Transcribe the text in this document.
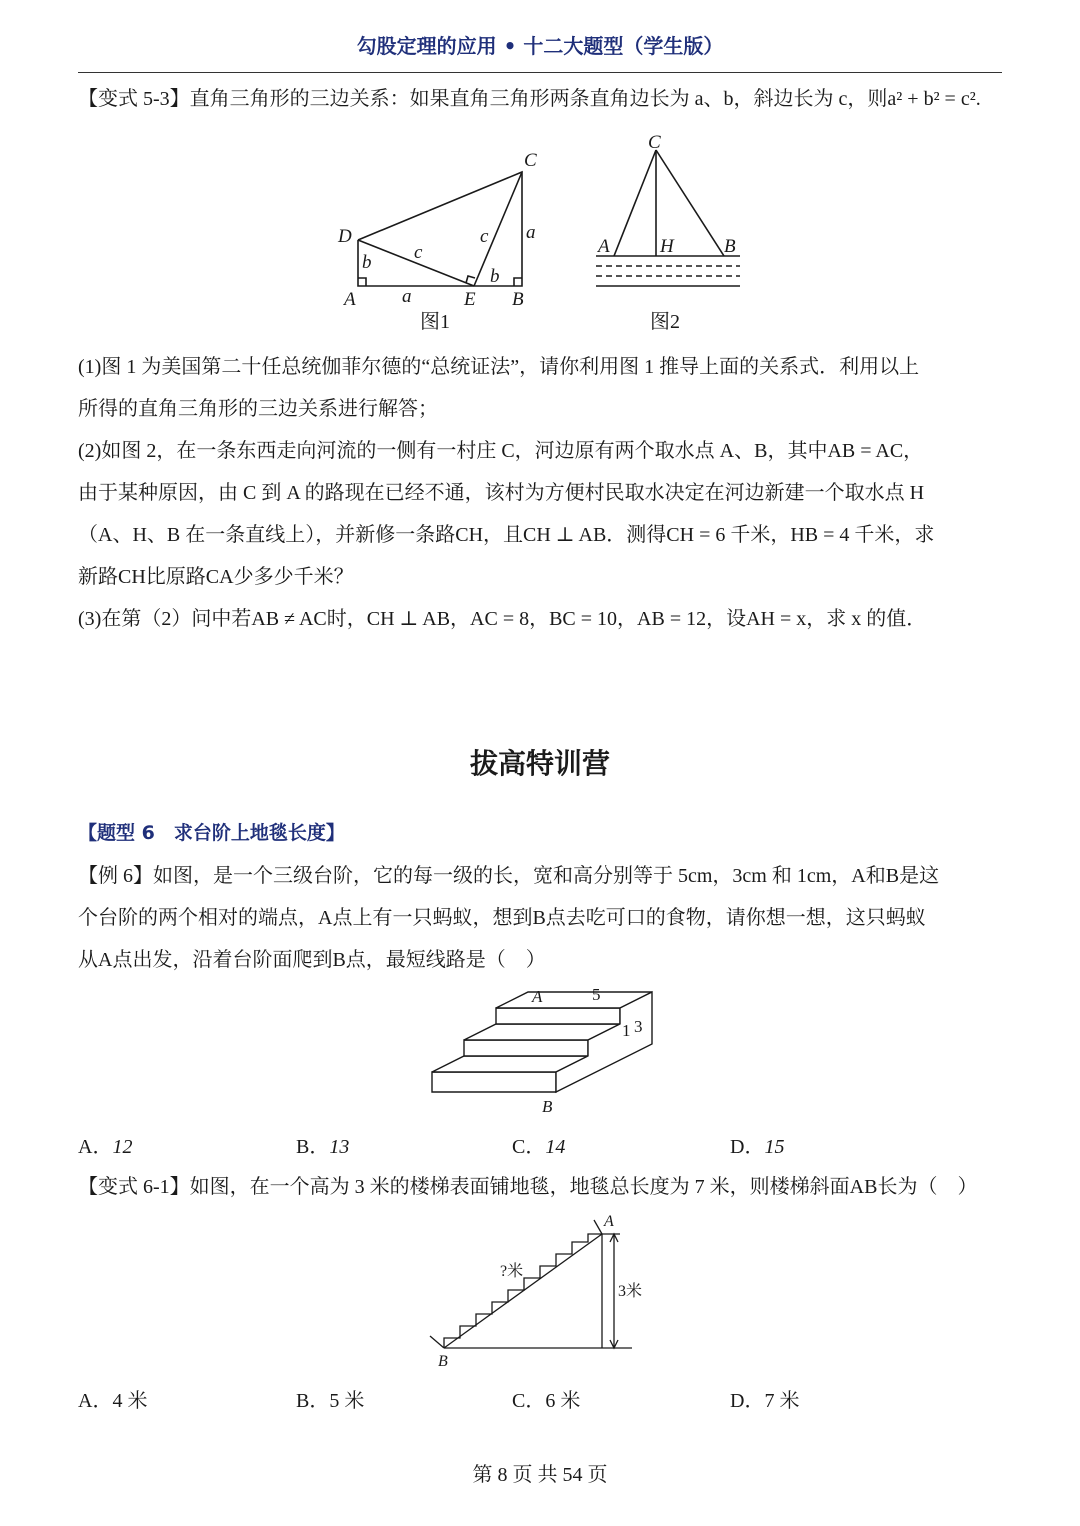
勾股定理的应用 • 十二大题型（学生版）

【变式 5-3】直角三角形的三边关系：如果直角三角形两条直角边长为 a、b，斜边长为 c，则a² + b² = c².

C
D
A	E B
a
b c
c
b
a
图1
C
A	H	B
图2

(1)图 1 为美国第二十任总统伽菲尔德的“总统证法”，请你利用图 1 推导上面的关系式．利用以上

所得的直角三角形的三边关系进行解答；

(2)如图 2，在一条东西走向河流的一侧有一村庄 C，河边原有两个取水点 A、B，其中AB = AC，

由于某种原因，由 C 到 A 的路现在已经不通，该村为方便村民取水决定在河边新建一个取水点 H

（A、H、B 在一条直线上），并新修一条路CH，且CH ⊥ AB．测得CH = 6 千米，HB = 4 千米，求

新路CH比原路CA少多少千米？

(3)在第（2）问中若AB ≠ AC时，CH ⊥ AB，AC = 8，BC = 10，AB = 12，设AH = x，求 x 的值．

拔高特训营
【题型 6　求台阶上地毯长度】

【例 6】如图，是一个三级台阶，它的每一级的长，宽和高分别等于 5cm，3cm 和 1cm，A和B是这

个台阶的两个相对的端点，A点上有一只蚂蚁，想到B点去吃可口的食物，请你想一想，这只蚂蚁

从A点出发，沿着台阶面爬到B点，最短线路是（　）

A
B
5
1 3
A．12	B．13	C．14	D．15

【变式 6-1】如图，在一个高为 3 米的楼梯表面铺地毯，地毯总长度为 7 米，则楼梯斜面AB长为（　）

A
B
3米
?米
A．4 米	B．5 米	C．6 米	D．7 米
第 8 页 共 54 页
